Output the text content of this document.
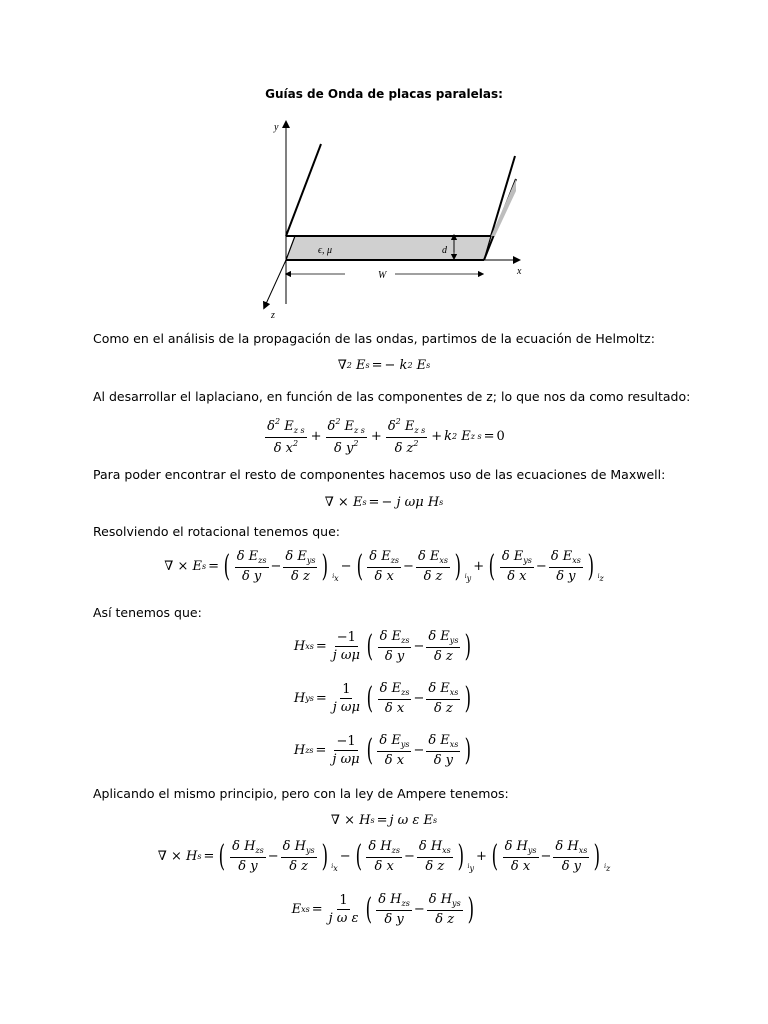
Guías de Onda de placas paralelas:
y
x
z
ϵ, μ	d
W
Como en el análisis de la propagación de las ondas, partimos de la ecuación de Helmoltz:
∇ 2 E s = − k 2 E s
Al desarrollar el laplaciano, en función de las componentes de z; lo que nos da como resultado:
$\frac{\delta^2 E_{z s}}{\delta x^2} + \frac{\delta^2 E_{z s}}{\delta y^2} + \frac{\delta^2 E_{z s}}{\delta z^2} + k$ 2 E z s = 0
Para poder encontrar el resto de componentes hacemos uso de las ecuaciones de Maxwell:
∇ × E s = − j ωμ H s
Resolviendo el rotacional tenemos que:
∇ × E s = ( $\frac{\delta E_{zs}}{\text{δ y}} - \frac{\delta E_{ys}}{\text{δ z}}$ ) $i_x$
− ( $\frac{\delta E_{zs}}{\text{δ x}} - \frac{\delta E_{xs}}{\text{δ z}}$ ) $i_y$
+ ( $\frac{\delta E_{ys}}{\text{δ x}} - \frac{\delta E_{xs}}{\text{δ y}}$ ) $i_z$
Así tenemos que:
H xs = $\frac{-1}{\text{j ωμ}}$ ( $\frac{\delta E_{zs}}{\text{δ y}} - \frac{\delta E_{ys}}{\text{δ z}}$ )
H ys = $\frac{1}{\text{j ωμ}}$ ( $\frac{\delta E_{zs}}{\text{δ x}} - \frac{\delta E_{xs}}{\text{δ z}}$ )
H zs = $\frac{-1}{\text{j ωμ}}$ ( $\frac{\delta E_{ys}}{\text{δ x}} - \frac{\delta E_{xs}}{\text{δ y}}$ )
Aplicando el mismo principio, pero con la ley de Ampere tenemos:
∇ × H s = j ω ε E s
∇ × H s = ( $\frac{\delta H_{zs}}{\text{δ y}} - \frac{\delta H_{ys}}{\text{δ z}}$ ) $i_x$
− ( $\frac{\delta H_{zs}}{\text{δ x}} - \frac{\delta H_{xs}}{\text{δ z}}$ ) $i_y$
+ ( $\frac{\delta H_{ys}}{\text{δ x}} - \frac{\delta H_{xs}}{\text{δ y}}$ ) $i_z$
E xs = $\frac{1}{\text{j ω ε}}$ ( $\frac{\delta H_{zs}}{\text{δ y}} - \frac{\delta H_{ys}}{\text{δ z}}$ )
